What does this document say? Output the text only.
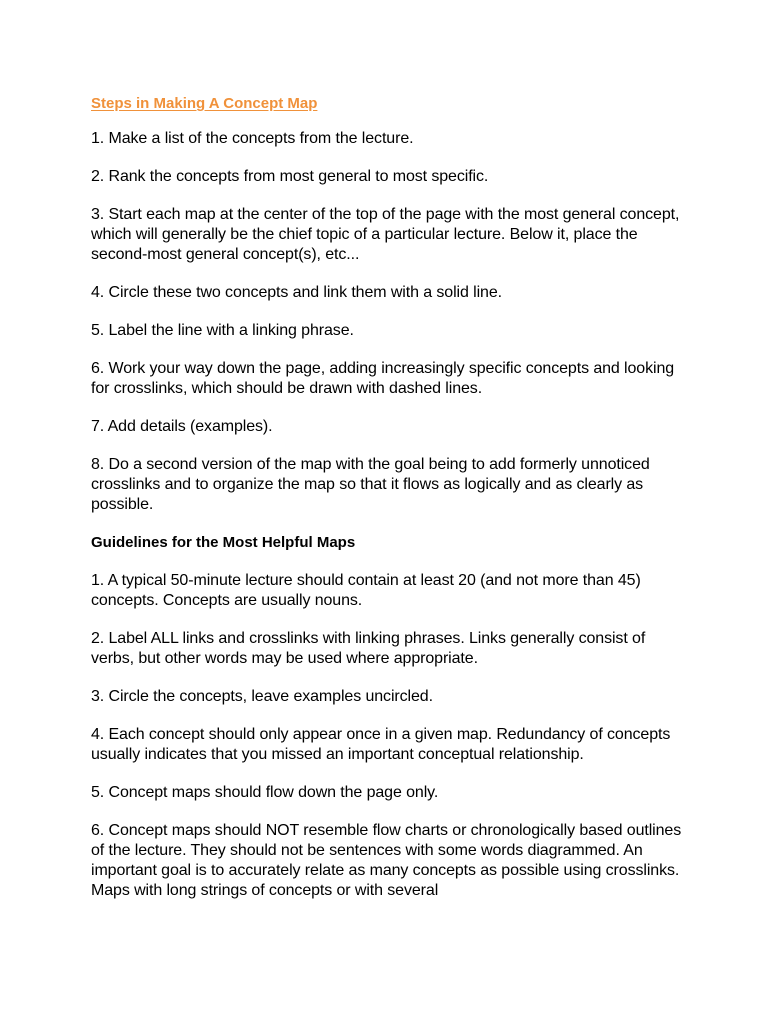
Steps in Making A Concept Map

1. Make a list of the concepts from the lecture.

2. Rank the concepts from most general to most specific.

3. Start each map at the center of the top of the page with the most general concept, which will generally be the chief topic of a particular lecture. Below it, place the second-most general concept(s), etc...

4. Circle these two concepts and link them with a solid line.

5. Label the line with a linking phrase.

6. Work your way down the page, adding increasingly specific concepts and looking for crosslinks, which should be drawn with dashed lines.

7. Add details (examples).

8. Do a second version of the map with the goal being to add formerly unnoticed crosslinks and to organize the map so that it flows as logically and as clearly as possible.

Guidelines for the Most Helpful Maps

1. A typical 50-minute lecture should contain at least 20 (and not more than 45) concepts. Concepts are usually nouns.

2. Label ALL links and crosslinks with linking phrases. Links generally consist of verbs, but other words may be used where appropriate.

3. Circle the concepts, leave examples uncircled.

4. Each concept should only appear once in a given map. Redundancy of concepts usually indicates that you missed an important conceptual relationship.

5. Concept maps should flow down the page only.

6. Concept maps should NOT resemble flow charts or chronologically based outlines of the lecture. They should not be sentences with some words diagrammed. An important goal is to accurately relate as many concepts as possible using crosslinks. Maps with long strings of concepts or with several
